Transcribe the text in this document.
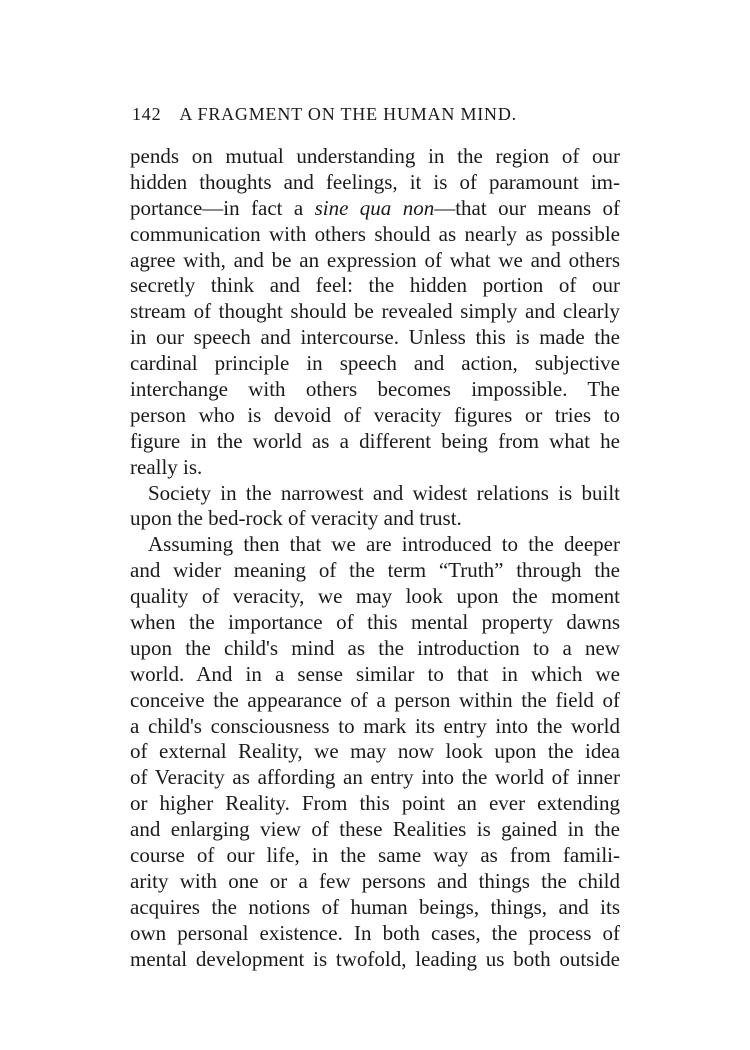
142 A FRAGMENT ON THE HUMAN MIND.
pends on mutual understanding in the region of our
hidden thoughts and feelings, it is of paramount im-
portance—in fact a sine qua non—that our means of
communication with others should as nearly as possible
agree with, and be an expression of what we and others
secretly think and feel: the hidden portion of our
stream of thought should be revealed simply and clearly
in our speech and intercourse. Unless this is made the
cardinal principle in speech and action, subjective
interchange with others becomes impossible. The
person who is devoid of veracity figures or tries to
figure in the world as a different being from what he
really is.
Society in the narrowest and widest relations is built
upon the bed-rock of veracity and trust.
Assuming then that we are introduced to the deeper
and wider meaning of the term “Truth” through the
quality of veracity, we may look upon the moment
when the importance of this mental property dawns
upon the child's mind as the introduction to a new
world. And in a sense similar to that in which we
conceive the appearance of a person within the field of
a child's consciousness to mark its entry into the world
of external Reality, we may now look upon the idea
of Veracity as affording an entry into the world of inner
or higher Reality. From this point an ever extending
and enlarging view of these Realities is gained in the
course of our life, in the same way as from famili-
arity with one or a few persons and things the child
acquires the notions of human beings, things, and its
own personal existence. In both cases, the process of
mental development is twofold, leading us both outside
